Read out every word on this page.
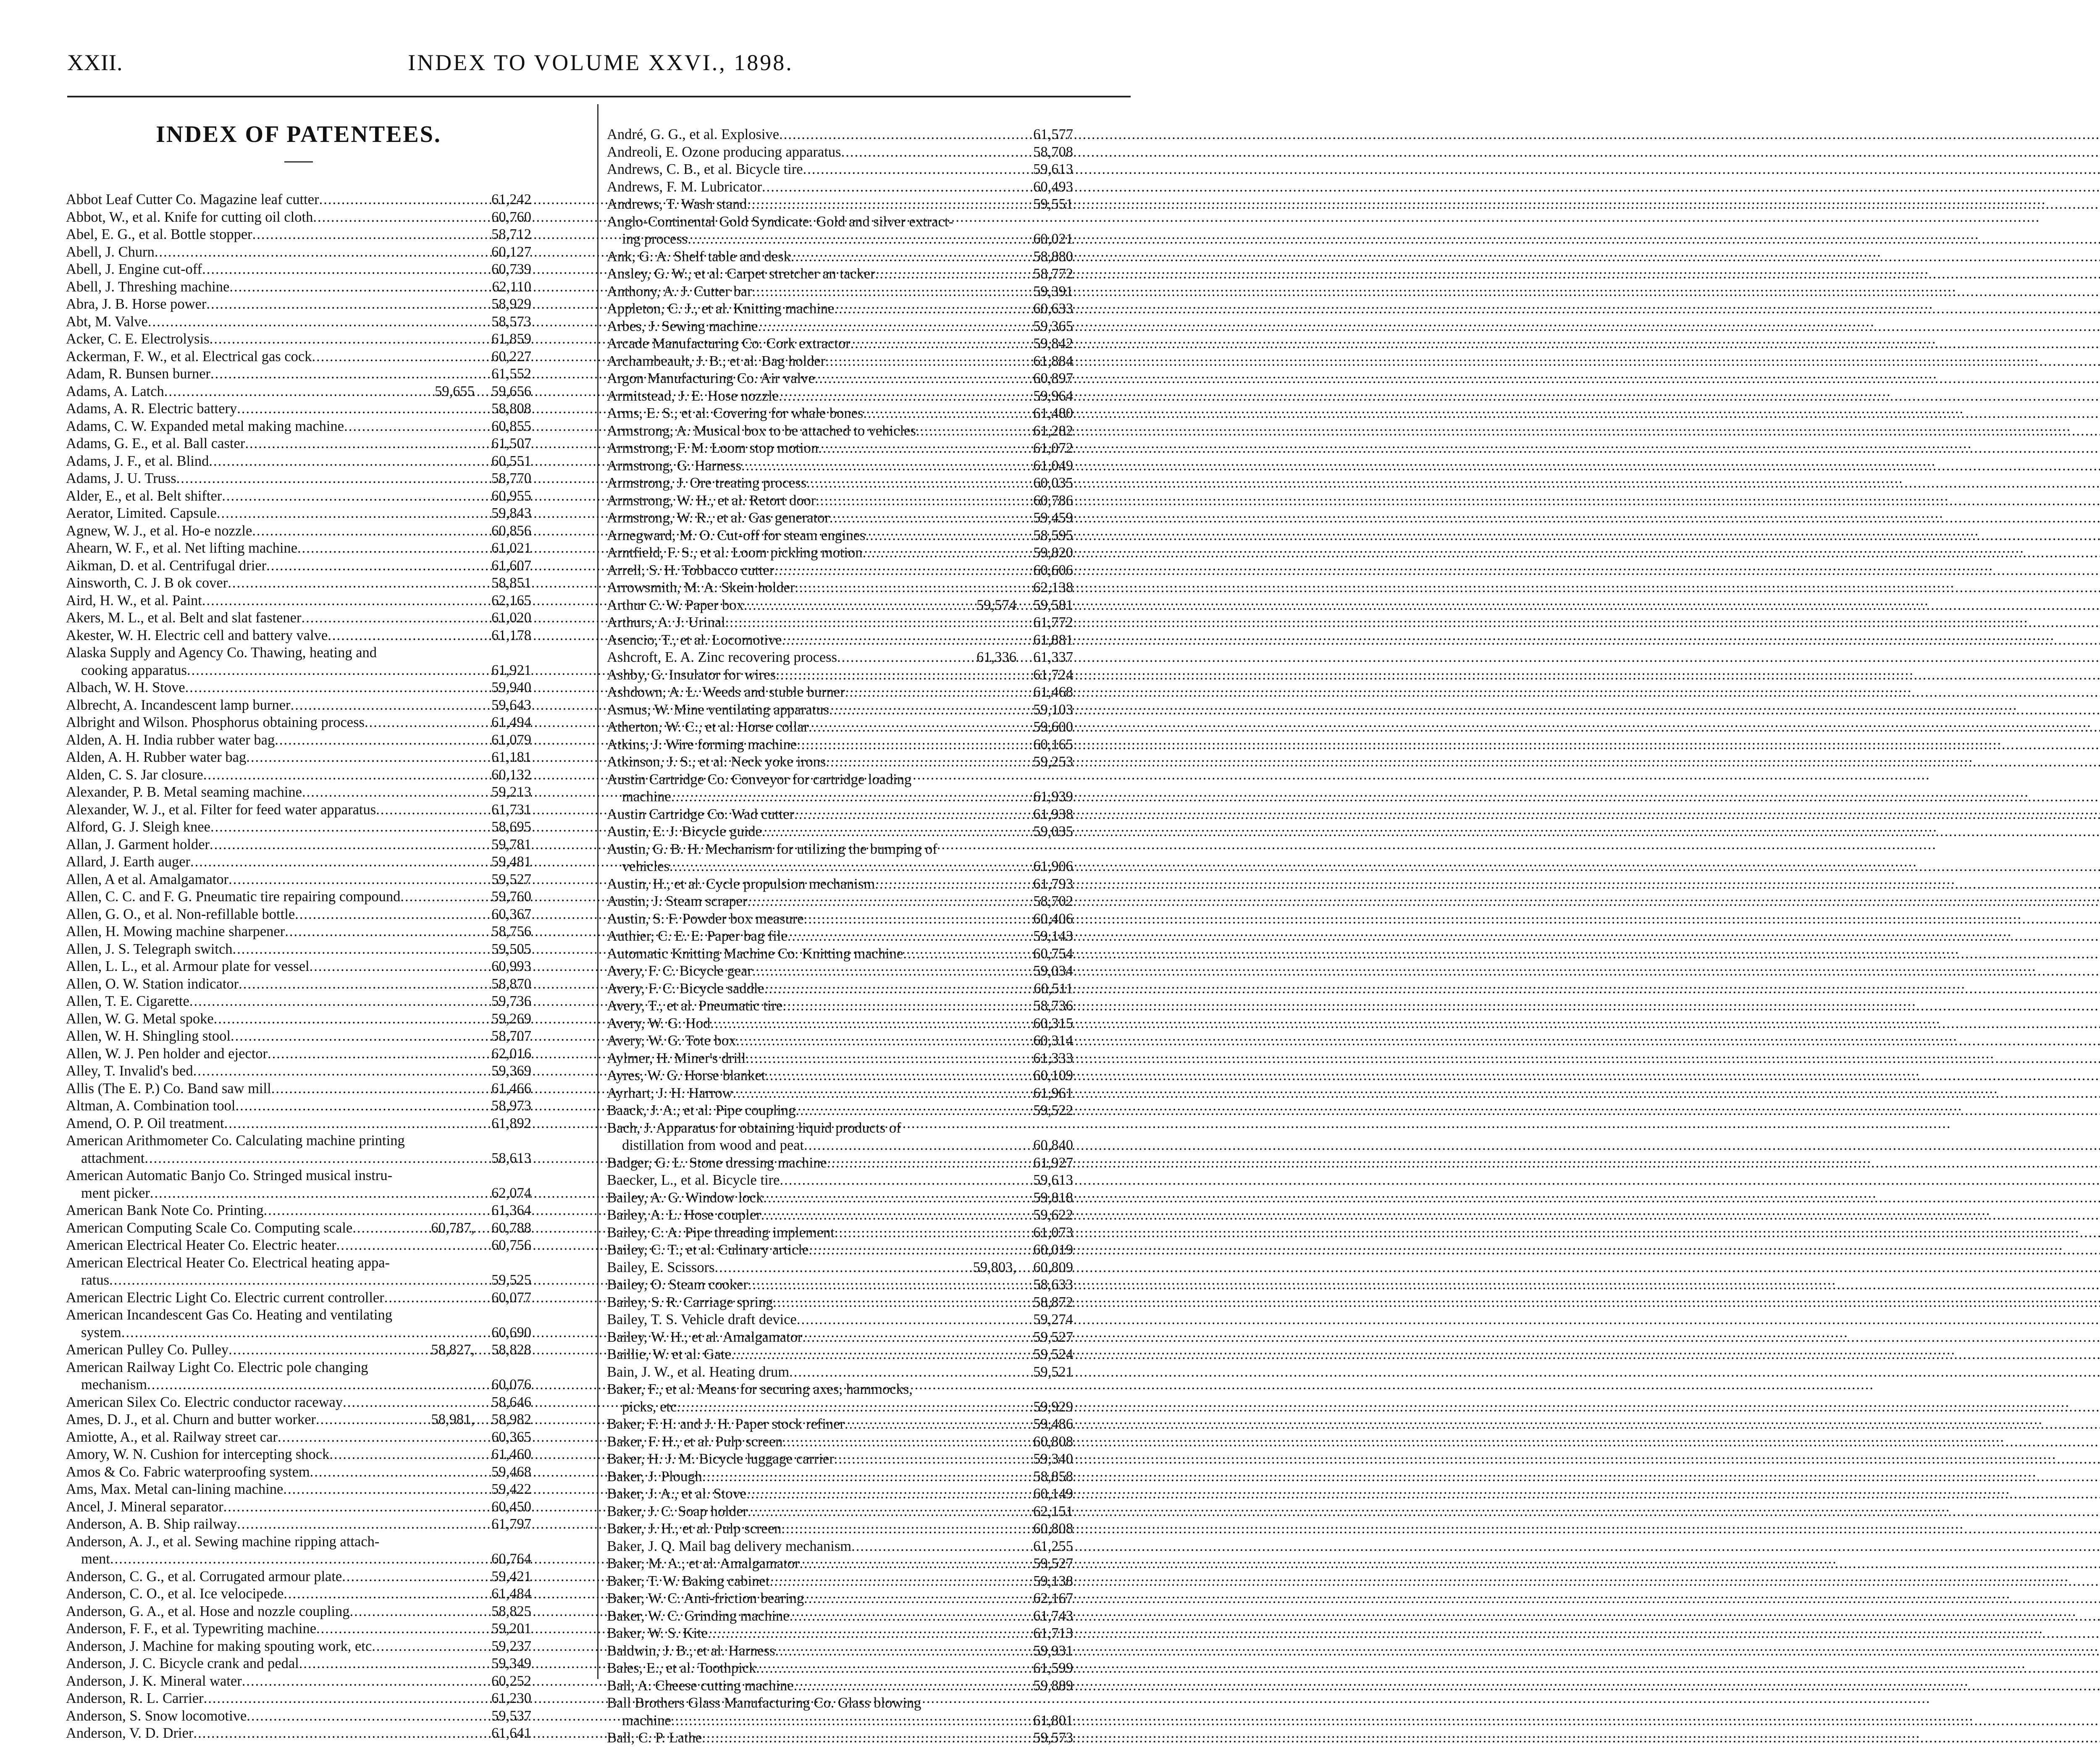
XXII.	INDEX TO VOLUME XXVI., 1898.
INDEX OF PATENTEES.
Abbot Leaf Cutter Co. Magazine leaf cutter .....	61,242
Abbot, W., et al. Knife for cutting oil cloth .....	60,760
Abel, E. G., et al. Bottle stopper .....	58,712
Abell, J. Churn .....	60,127
Abell, J. Engine cut-off .....	60,739
Abell, J. Threshing machine .....	62,110
Abra, J. B. Horse power .....	58,929
Abt, M. Valve .....	58,573
Acker, C. E. Electrolysis .....	61,859
Ackerman, F. W., et al. Electrical gas cock .....	60,227
Adam, R. Bunsen burner .....	61,552
Adams, A. Latch .....	59,655	59,656
Adams, A. R. Electric battery .....	58,808
Adams, C. W. Expanded metal making machine .....	60,855
Adams, G. E., et al. Ball caster .....	61,507
Adams, J. F., et al. Blind .....	60,551
Adams, J. U. Truss .....	58,770
Alder, E., et al. Belt shifter .....	60,955
Aerator, Limited. Capsule .....	59,843
Agnew, W. J., et al. Ho-e nozzle .....	60,856
Ahearn, W. F., et al. Net lifting machine .....	61,021
Aikman, D. et al. Centrifugal drier .....	61,607
Ainsworth, C. J. B ok cover .....	58,851
Aird, H. W., et al. Paint .....	62,165
Akers, M. L., et al. Belt and slat fastener .....	61,020
Akester, W. H. Electric cell and battery valve .....	61,178
Alaska Supply and Agency Co. Thawing, heating and
cooking apparatus .....	61,921
Albach, W. H. Stove .....	59,940
Albrecht, A. Incandescent lamp burner .....	59,643
Albright and Wilson. Phosphorus obtaining process .....	61,494
Alden, A. H. India rubber water bag .....	61,079
Alden, A. H. Rubber water bag .....	61,181
Alden, C. S. Jar closure .....	60,132
Alexander, P. B. Metal seaming machine .....	59,213
Alexander, W. J., et al. Filter for feed water apparatus .....	61,731
Alford, G. J. Sleigh knee .....	58,695
Allan, J. Garment holder .....	59,781
Allard, J. Earth auger .....	59,481
Allen, A et al. Amalgamator .....	59,527
Allen, C. C. and F. G. Pneumatic tire repairing compound .....	59,760
Allen, G. O., et al. Non-refillable bottle .....	60,367
Allen, H. Mowing machine sharpener .....	58,756
Allen, J. S. Telegraph switch .....	59,505
Allen, L. L., et al. Armour plate for vessel .....	60,993
Allen, O. W. Station indicator .....	58,870
Allen, T. E. Cigarette .....	59,736
Allen, W. G. Metal spoke .....	59,269
Allen, W. H. Shingling stool .....	58,707
Allen, W. J. Pen holder and ejector .....	62,016
Alley, T. Invalid's bed .....	59,369
Allis (The E. P.) Co. Band saw mill .....	61,466
Altman, A. Combination tool .....	58,973
Amend, O. P. Oil treatment .....	61,892
American Arithmometer Co. Calculating machine printing
attachment .....	58,613
American Automatic Banjo Co. Stringed musical instru-
ment picker .....	62,074
American Bank Note Co. Printing .....	61,364
American Computing Scale Co. Computing scale .....	60,787,	60,788
American Electrical Heater Co. Electric heater .....	60,756
American Electrical Heater Co. Electrical heating appa-
ratus .....	59,525
American Electric Light Co. Electric current controller .....	60,077
American Incandescent Gas Co. Heating and ventilating
system .....	60,690
American Pulley Co. Pulley .....	58,827,	58,828
American Railway Light Co. Electric pole changing
mechanism .....	60,076
American Silex Co. Electric conductor raceway .....	58,646
Ames, D. J., et al. Churn and butter worker .....	58,981,	58,982
Amiotte, A., et al. Railway street car .....	60,365
Amory, W. N. Cushion for intercepting shock .....	61,460
Amos & Co. Fabric waterproofing system .....	59,468
Ams, Max. Metal can-lining machine .....	59,422
Ancel, J. Mineral separator .....	60,450
Anderson, A. B. Ship railway .....	61,797
Anderson, A. J., et al. Sewing machine ripping attach-
ment .....	60,764
Anderson, C. G., et al. Corrugated armour plate .....	59,421
Anderson, C. O., et al. Ice velocipede .....	61,484
Anderson, G. A., et al. Hose and nozzle coupling .....	58,825
Anderson, F. F., et al. Typewriting machine .....	59,201
Anderson, J. Machine for making spouting work, etc .....	59,237
Anderson, J. C. Bicycle crank and pedal .....	59,349
Anderson, J. K. Mineral water .....	60,252
Anderson, R. L. Carrier .....	61,230
Anderson, S. Snow locomotive .....	59,537
Anderson, V. D. Drier .....	61,641
André, G. G., et al. Explosive .....	61,577
Andreoli, E. Ozone producing apparatus .....	58,708
Andrews, C. B., et al. Bicycle tire .....	59,613
Andrews, F. M. Lubricator .....	60,493
Andrews, T. Wash stand .....	59,551
Anglo-Continental Gold Syndicate. Gold and silver extract-
ing process .....	60,021
Ank, G. A. Shelf table and desk .....	58,880
Ansley, G. W., et al. Carpet stretcher an tacker .....	58,772
Anthony, A. J. Cutter bar .....	59,391
Appleton, C. J., et al. Knitting machine .....	60,633
Arbes, J. Sewing machine .....	59,365
Arcade Manufacturing Co. Cork extractor .....	59,842
Archambeault, J. B., et al. Bag holder .....	61,884
Argon Manufacturing Co. Air valve .....	60,897
Armitstead, J. E. Hose nozzle .....	59,964
Arms, E. S., et al. Covering for whale bones .....	61,480
Armstrong, A. Musical box to be attached to vehicles .....	61,282
Armstrong, F. M. Loom stop motion .....	61,072
Armstrong, G. Harness .....	61,049
Armstrong, J. Ore treating process .....	60,035
Armstrong, W. H., et al. Retort door .....	60,786
Armstrong, W. R., et al. Gas generator .....	59,459
Arnegward, M. O. Cut-off for steam engines .....	58,595
Arntfield, F. S., et al. Loom pickling motion .....	59,820
Arrell, S. H. Tobbacco cutter .....	60,606
Arrowsmith, M. A. Skein holder .....	62,138
Arthur C. W. Paper box .....	59,574	59,581
Arthurs, A. J. Urinal .....	61,772
Asencio, T., et al. Locomotive .....	61,881
Ashcroft, E. A. Zinc recovering process .....	61,336	61,337
Ashby, G. Insulator for wires .....	61,724
Ashdown, A. L. Weeds and stuble burner .....	61,468
Asmus, W. Mine ventilating apparatus .....	59,103
Atherton, W. C., et al. Horse collar .....	59,600
Atkins, J. Wire forming machine .....	60,165
Atkinson, J. S., et al. Neck yoke irons .....	59,253
Austin Cartridge Co. Conveyor for cartridge loading
machine .....	61,939
Austin Cartridge Co. Wad cutter .....	61,938
Austin, E. J. Bicycle guide .....	59,035
Austin, G. B. H. Mechanism for utilizing the bumping of
vehicles .....	61,906
Austin, H., et al. Cycle propulsion mechanism .....	61,793
Austin, J. Steam scraper .....	58,702
Austin, S. F. Powder box measure .....	60,406
Authier, C. E. E. Paper bag file .....	59,143
Automatic Knitting Machine Co. Knitting machine .....	60,754
Avery, F. C. Bicycle gear .....	59,034
Avery, F. C. Bicycle saddle .....	60,511
Avery, T., et al. Pneumatic tire .....	58,736
Avery, W. G. Hod .....	60,315
Avery, W. G. Tote box .....	60,314
Aylmer, H. Miner's drill .....	61,333
Ayres, W. G. Horse blanket .....	60,109
Ayrhart, J. H. Harrow .....	61,961
Baack, J. A., et al. Pipe coupling .....	59,522
Bach, J. Apparatus for obtaining liquid products of
distillation from wood and peat .....	60,840
Badger, G. L. Stone dressing machine .....	61,927
Baecker, L., et al. Bicycle tire .....	59,613
Bailey, A. G. Window lock .....	59,818
Bailey, A. L. Hose coupler .....	59,622
Bailey, C. A. Pipe threading implement .....	61,073
Bailey, C. T., et al. Culinary article .....	60,019
Bailey, E. Scissors .....	59,803,	60,809
Bailey, O. Steam cooker .....	58,633
Bailey, S. R. Carriage spring .....	58,872
Bailey, T. S. Vehicle draft device .....	59,274
Bailey, W. H., et al. Amalgamator .....	59,527
Baillie, W. et al. Gate .....	59,524
Bain, J. W., et al. Heating drum .....	59,521
Baker, F., et al. Means for securing axes, hammocks,
picks, etc .....	59,929
Baker, F. H. and J. H. Paper stock refiner .....	59,486
Baker, F. H., et al. Pulp screen .....	60,808
Baker, H. J. M. Bicycle luggage carrier .....	59,340
Baker, J. Plough .....	58,858
Baker, J. A., et al. Stove .....	60,149
Baker, J. C. Soap holder .....	62,151
Baker, J. H., et al. Pulp screen .....	60,808
Baker, J. Q. Mail bag delivery mechanism .....	61,255
Baker, M. A., et al. Amalgamator .....	59,527
Baker, T. W. Baking cabinet .....	59,138
Baker, W. C. Anti-friction bearing .....	62,167
Baker, W. C. Grinding machine .....	61,743
Baker, W. S. Kite .....	61,713
Baldwin, J. B., et al. Harness .....	59,931
Bales, E., et al. Toothpick .....	61,599
Ball, A. Cheese cutting machine .....	59,889
Ball Brothers Glass Manufacturing Co. Glass blowing
machine .....	61,801
Ball, C. P. Lathe .....	59,573
